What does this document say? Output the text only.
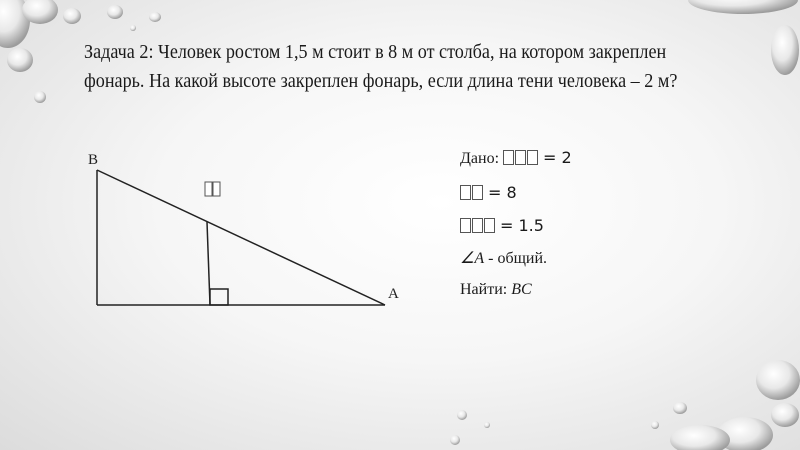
Задача 2: Человек ростом 1,5 м стоит в 8 м от столба, на котором закреплен

фонарь. На какой высоте закреплен фонарь, если длина тени человека – 2 м?

B
A
Дано:	= 2
= 8
= 1.5
∠A - общий.
Найти: BC
